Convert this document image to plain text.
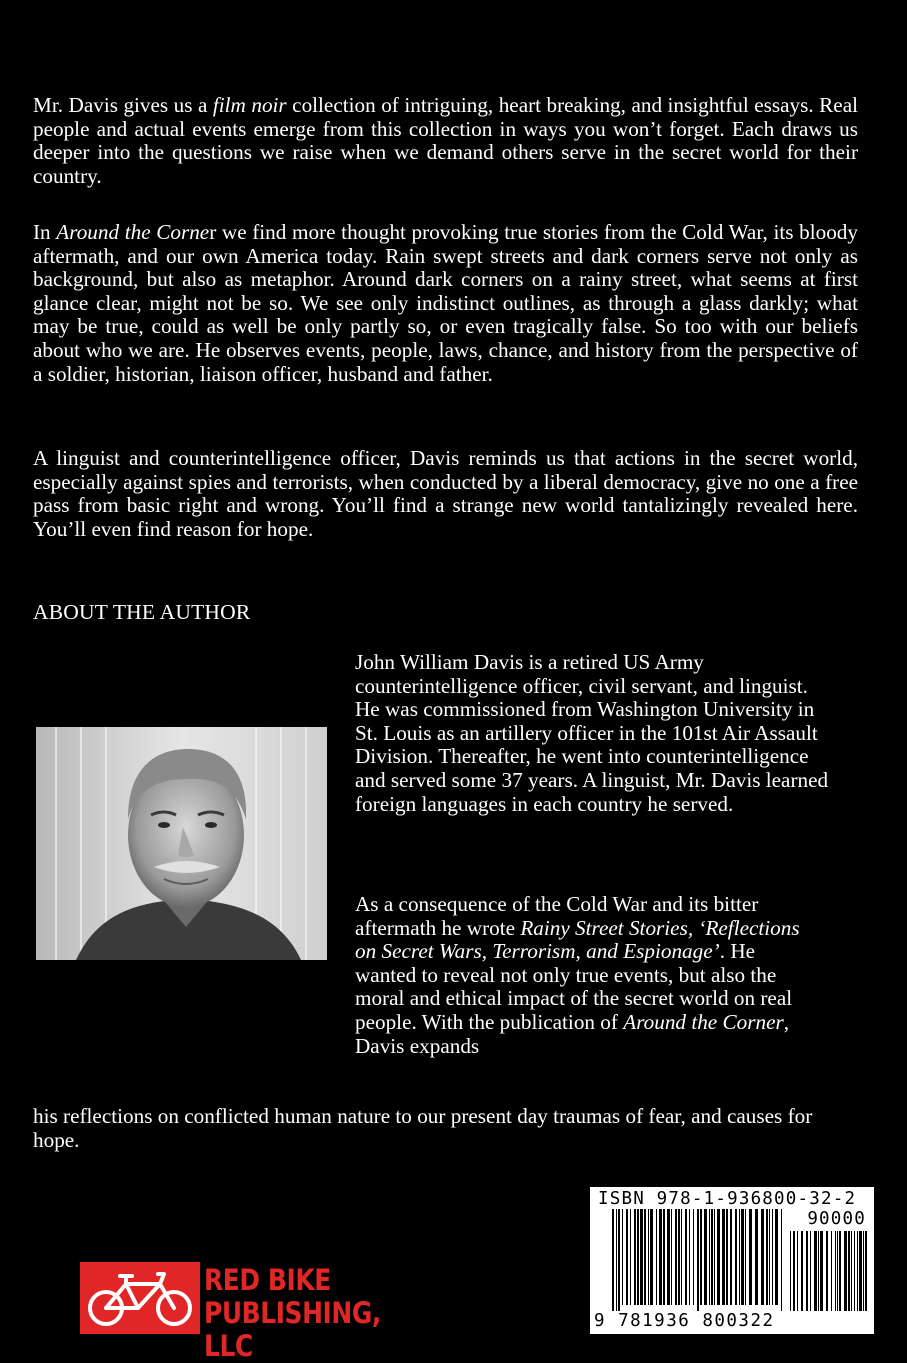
Mr. Davis gives us a film noir collection of intriguing, heart breaking, and insightful essays. Real people and actual events emerge from this collection in ways you won’t forget. Each draws us deeper into the questions we raise when we demand others serve in the secret world for their country.

In Around the Corner we find more thought provoking true stories from the Cold War, its bloody aftermath, and our own America today. Rain swept streets and dark corners serve not only as background, but also as metaphor. Around dark corners on a rainy street, what seems at first glance clear, might not be so. We see only indistinct outlines, as through a glass darkly; what may be true, could as well be only partly so, or even tragically false. So too with our beliefs about who we are. He observes events, people, laws, chance, and history from the perspective of a soldier, historian, liaison officer, husband and father.

A linguist and counterintelligence officer, Davis reminds us that actions in the secret world, especially against spies and terrorists, when conducted by a liberal democracy, give no one a free pass from basic right and wrong. You’ll find a strange new world tantalizingly revealed here. You’ll even find reason for hope.

ABOUT THE AUTHOR

John William Davis is a retired US Army counterintelligence officer, civil servant, and linguist. He was commissioned from Washington University in St. Louis as an artillery officer in the 101st Air Assault Division. Thereafter, he went into counterintelligence and served some 37 years. A linguist, Mr. Davis learned foreign languages in each country he served.

As a consequence of the Cold War and its bitter aftermath he wrote Rainy Street Stories, ‘Reflections on Secret Wars, Terrorism, and Espionage’. He wanted to reveal not only true events, but also the moral and ethical impact of the secret world on real people. With the publication of Around the Corner, Davis expands

his reflections on conflicted human nature to our present day traumas of fear, and causes for hope.

RED BIKE
PUBLISHING, LLC
ISBN 978-1-936800-32-2
90000
9 781936 800322
